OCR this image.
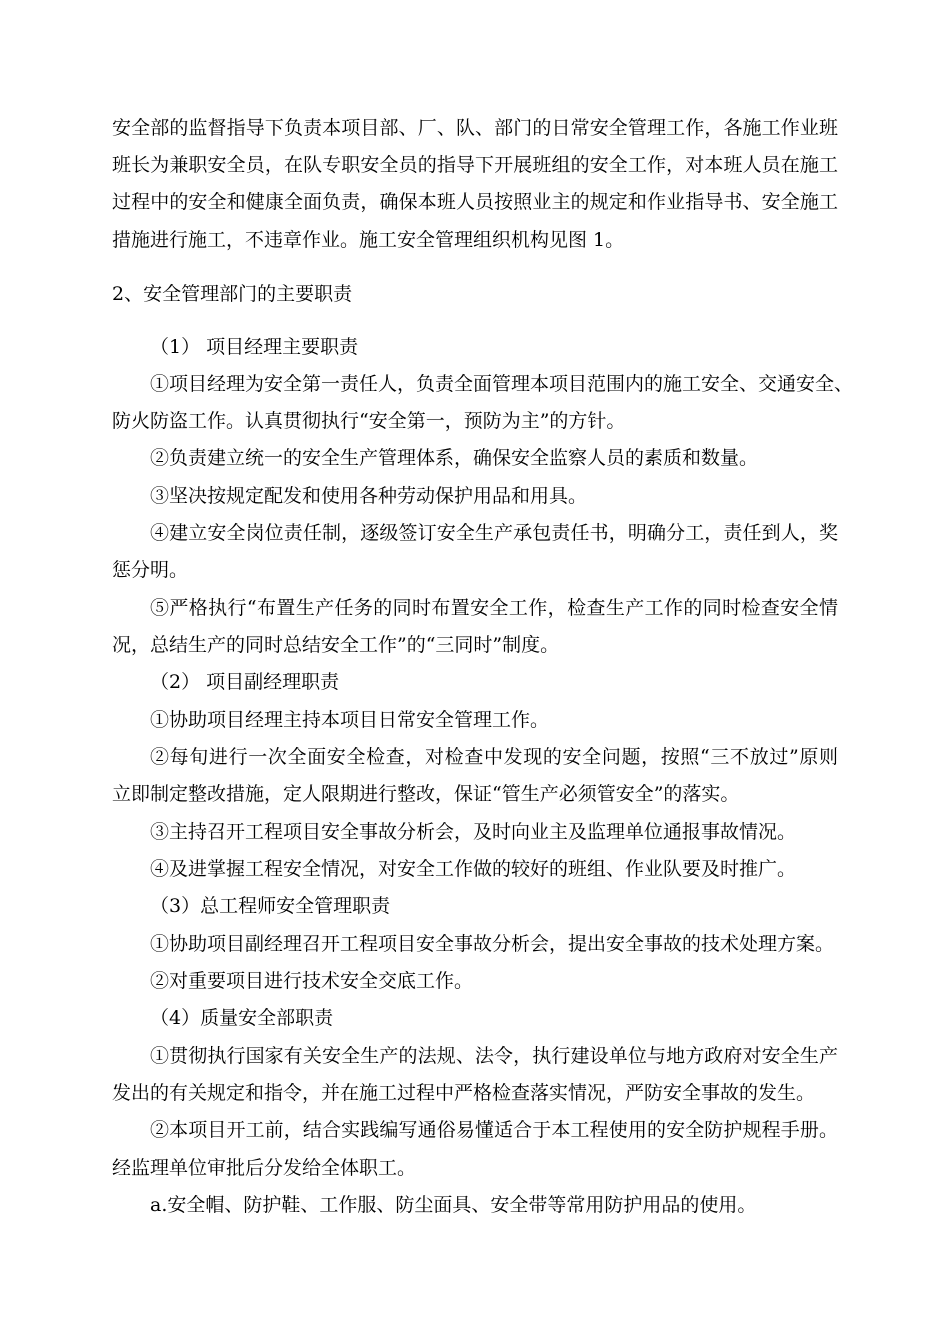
安全部的监督指导下负责本项目部、厂、队、部门的日常安全管理工作，各施工作业班
班长为兼职安全员，在队专职安全员的指导下开展班组的安全工作，对本班人员在施工
过程中的安全和健康全面负责，确保本班人员按照业主的规定和作业指导书、安全施工
措施进行施工，不违章作业。施工安全管理组织机构见图 1。
2、安全管理部门的主要职责
（1） 项目经理主要职责
①项目经理为安全第一责任人，负责全面管理本项目范围内的施工安全、交通安全、
防火防盗工作。认真贯彻执行“安全第一，预防为主”的方针。
②负责建立统一的安全生产管理体系，确保安全监察人员的素质和数量。
③坚决按规定配发和使用各种劳动保护用品和用具。
④建立安全岗位责任制，逐级签订安全生产承包责任书，明确分工，责任到人，奖
惩分明。
⑤严格执行“布置生产任务的同时布置安全工作，检查生产工作的同时检查安全情
况，总结生产的同时总结安全工作”的“三同时”制度。
（2） 项目副经理职责
①协助项目经理主持本项目日常安全管理工作。
②每旬进行一次全面安全检查，对检查中发现的安全问题，按照“三不放过”原则
立即制定整改措施，定人限期进行整改，保证“管生产必须管安全”的落实。
③主持召开工程项目安全事故分析会，及时向业主及监理单位通报事故情况。
④及进掌握工程安全情况，对安全工作做的较好的班组、作业队要及时推广。
（3）总工程师安全管理职责
①协助项目副经理召开工程项目安全事故分析会，提出安全事故的技术处理方案。
②对重要项目进行技术安全交底工作。
（4）质量安全部职责
①贯彻执行国家有关安全生产的法规、法令，执行建设单位与地方政府对安全生产
发出的有关规定和指令，并在施工过程中严格检查落实情况，严防安全事故的发生。
②本项目开工前，结合实践编写通俗易懂适合于本工程使用的安全防护规程手册。
经监理单位审批后分发给全体职工。
a.安全帽、防护鞋、工作服、防尘面具、安全带等常用防护用品的使用。
